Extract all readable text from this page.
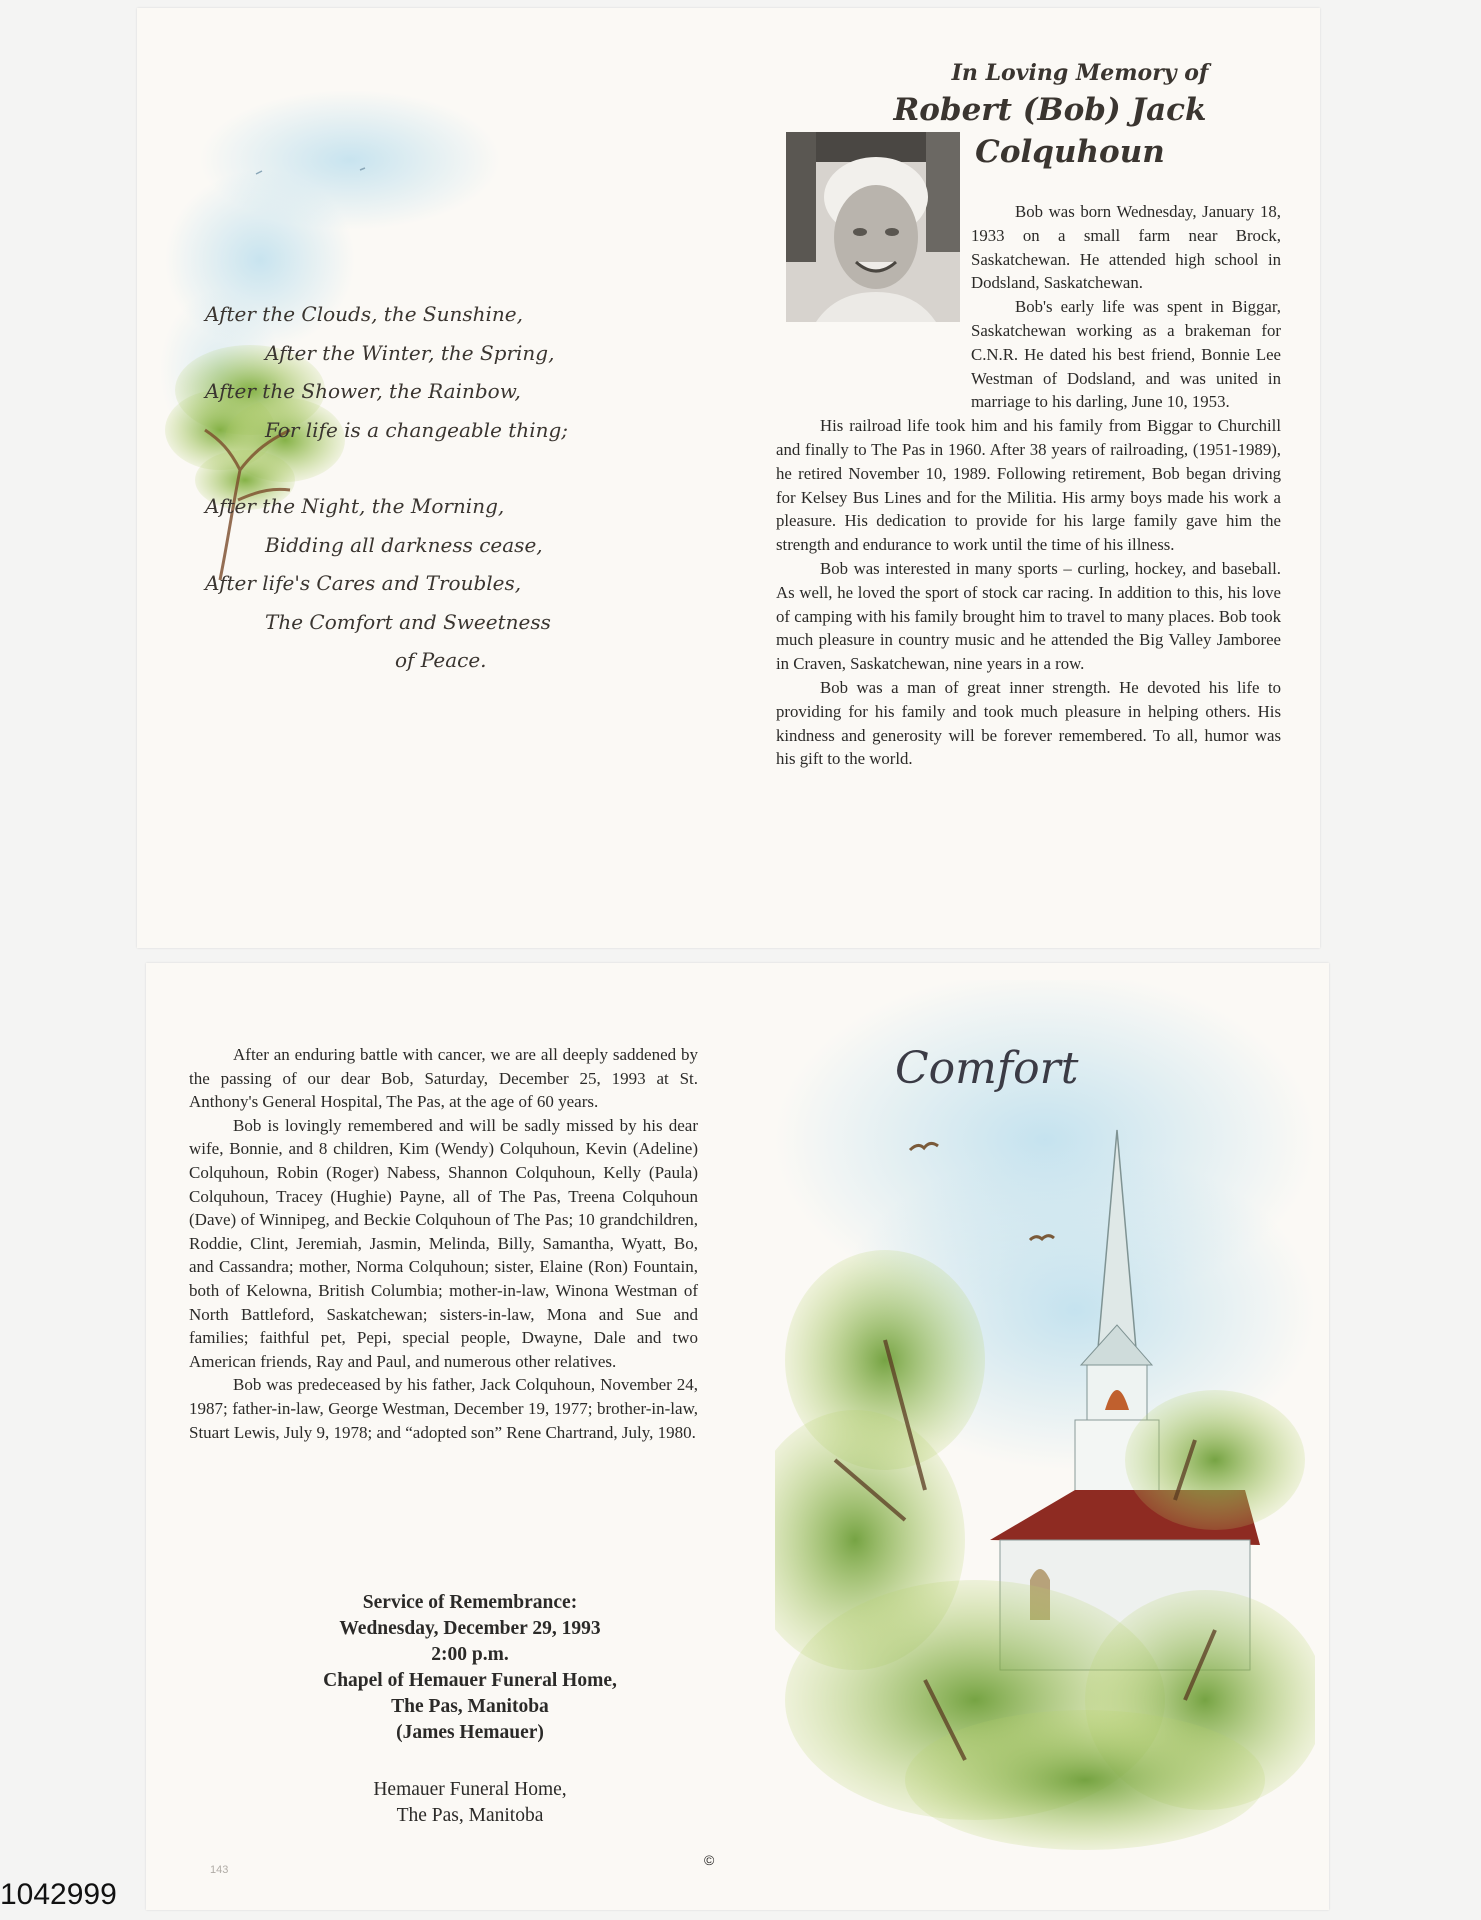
After the Clouds, the Sunshine,
After the Winter, the Spring,
After the Shower, the Rainbow,
For life is a changeable thing;
After the Night, the Morning,
Bidding all darkness cease,
After life's Cares and Troubles,
The Comfort and Sweetness
of Peace.
In Loving Memory of
Robert (Bob) Jack
Colquhoun

Bob was born Wednesday, January 18, 1933 on a small farm near Brock, Saskatchewan. He attended high school in Dodsland, Saskatchewan.

Bob's early life was spent in Biggar, Saskatchewan working as a brakeman for C.N.R. He dated his best friend, Bonnie Lee Westman of Dodsland, and was united in marriage to his darling, June 10, 1953.

His railroad life took him and his family from Biggar to Churchill and finally to The Pas in 1960. After 38 years of railroading, (1951-1989), he retired November 10, 1989. Following retirement, Bob began driving for Kelsey Bus Lines and for the Militia. His army boys made his work a pleasure. His dedication to provide for his large family gave him the strength and endurance to work until the time of his illness.

Bob was interested in many sports – curling, hockey, and baseball. As well, he loved the sport of stock car racing. In addition to this, his love of camping with his family brought him to travel to many places. Bob took much pleasure in country music and he attended the Big Valley Jamboree in Craven, Saskatchewan, nine years in a row.

Bob was a man of great inner strength. He devoted his life to providing for his family and took much pleasure in helping others. His kindness and generosity will be forever remembered. To all, humor was his gift to the world.

After an enduring battle with cancer, we are all deeply saddened by the passing of our dear Bob, Saturday, December 25, 1993 at St. Anthony's General Hospital, The Pas, at the age of 60 years.

Bob is lovingly remembered and will be sadly missed by his dear wife, Bonnie, and 8 children, Kim (Wendy) Colquhoun, Kevin (Adeline) Colquhoun, Robin (Roger) Nabess, Shannon Colquhoun, Kelly (Paula) Colquhoun, Tracey (Hughie) Payne, all of The Pas, Treena Colquhoun (Dave) of Winnipeg, and Beckie Colquhoun of The Pas; 10 grandchildren, Roddie, Clint, Jeremiah, Jasmin, Melinda, Billy, Samantha, Wyatt, Bo, and Cassandra; mother, Norma Colquhoun; sister, Elaine (Ron) Fountain, both of Kelowna, British Columbia; mother-in-law, Winona Westman of North Battleford, Saskatchewan; sisters-in-law, Mona and Sue and families; faithful pet, Pepi, special people, Dwayne, Dale and two American friends, Ray and Paul, and numerous other relatives.

Bob was predeceased by his father, Jack Colquhoun, November 24, 1987; father-in-law, George Westman, December 19, 1977; brother-in-law, Stuart Lewis, July 9, 1978; and “adopted son” Rene Chartrand, July, 1980.

Service of Remembrance:
Wednesday, December 29, 1993
2:00 p.m.
Chapel of Hemauer Funeral Home,
The Pas, Manitoba
(James Hemauer)
Hemauer Funeral Home,
The Pas, Manitoba
143
©
Comfort
1042999
